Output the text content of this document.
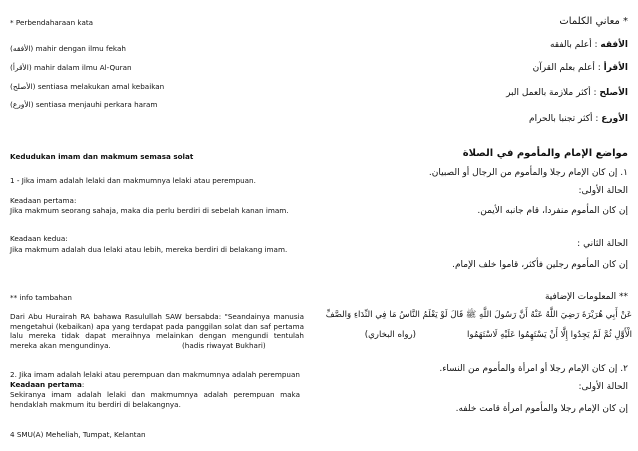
* Perbendaharaan kata
(الأفقه) mahir dengan ilmu fekah
(الأقرأ) mahir dalam ilmu Al-Quran
(الأصلح) sentiasa melakukan amal kebaikan
(الأورع) sentiasa menjauhi perkara haram
Kedudukan imam dan makmum semasa solat
1 - Jika imam adalah lelaki dan makmumnya lelaki atau perempuan.
Keadaan pertama:
Jika makmum seorang sahaja, maka dia perlu berdiri di sebelah kanan imam.
Keadaan kedua:
Jika makmum adalah dua lelaki atau lebih, mereka berdiri di belakang imam.
** info tambahan
Dari Abu Hurairah RA bahawa Rasulullah SAW bersabda: "Seandainya manusia mengetahui (kebaikan) apa yang terdapat pada panggilan solat dan saf pertama lalu mereka tidak dapat meraihnya melainkan dengan mengundi tentulah mereka akan mengundinya.	(hadis riwayat Bukhari)
2. Jika imam adalah lelaki atau perempuan dan makmumnya adalah perempuan
Keadaan pertama:
Sekiranya imam adalah lelaki dan makmumnya adalah perempuan maka hendaklah makmum itu berdiri di belakangnya.
4 SMU(A) Meheliah, Tumpat, Kelantan
* معاني الكلمات
الأفقه : أعلم بالفقه
الأقرأ : أعلم بعلم القرآن
الأصلح : أكثر ملازمة بالعمل البر
الأورع : أكثر تجنبا بالحرام
مواضع الإمام والمأموم في الصلاة
١. إن كان الإمام رجلا والمأموم من الرجال أو الصبيان.
الحالة الأولى:
إن كان المأموم منفردا، قام جانبه الأيمن.
الحالة الثاني :
إن كان المأموم رجلين فأكثر، قاموا خلف الإمام.
** المعلومات الإضافية
عَنْ أَبِي هُرَيْرَةَ رَضِيَ اللَّهُ عَنْهُ أَنَّ رَسُولَ اللَّهِ ﷺ قَالَ لَوْ يَعْلَمُ النَّاسُ مَا فِي النِّدَاءِ وَالصَّفِّ
الْأَوَّلِ ثُمَّ لَمْ يَجِدُوا إِلَّا أَنْ يَسْتَهِمُوا عَلَيْهِ لَاسْتَهَمُوا
(رواه البخاري)
٢. إن كان الإمام رجلا أو امرأة والمأموم من النساء.
الحالة الأولى:
إن كان الإمام رجلا والمأموم امرأة قامت خلفه.
